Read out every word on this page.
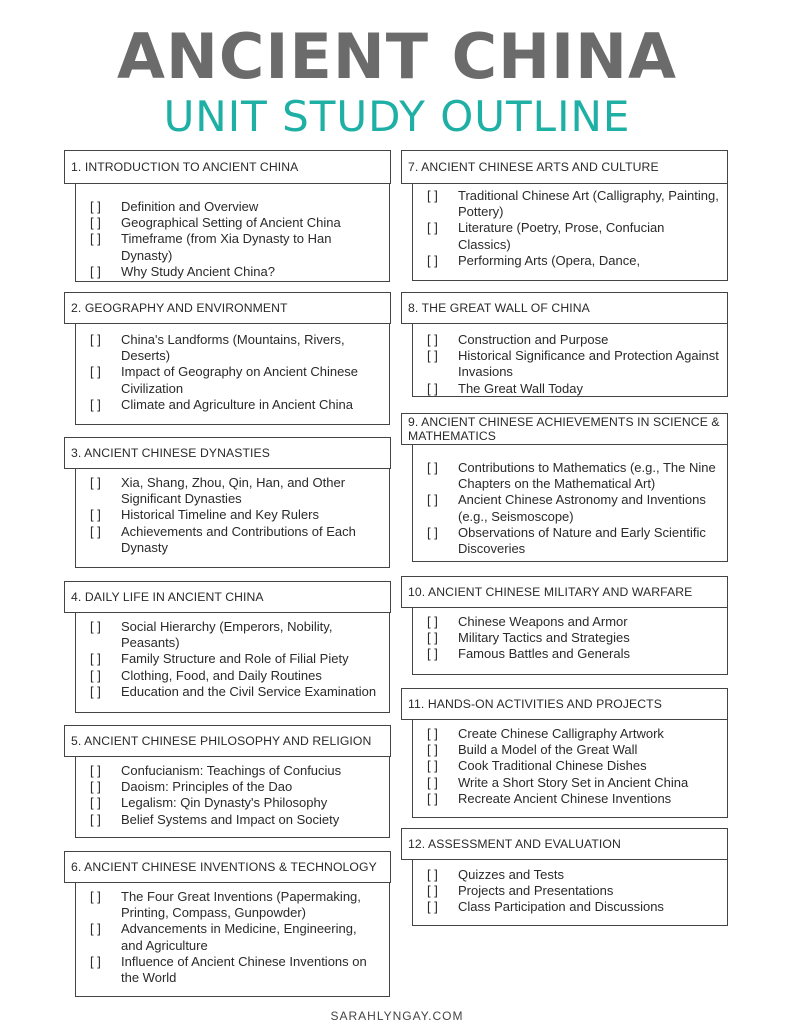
ANCIENT CHINA
UNIT STUDY OUTLINE
[ ]	Definition and Overview
[ ]	Geographical Setting of Ancient China
[ ]	Timeframe (from Xia Dynasty to Han Dynasty)
[ ]	Why Study Ancient China?
1. INTRODUCTION TO ANCIENT CHINA
[ ]	China's Landforms (Mountains, Rivers, Deserts)
[ ]	Impact of Geography on Ancient Chinese Civilization
[ ]	Climate and Agriculture in Ancient China
2. GEOGRAPHY AND ENVIRONMENT
[ ]	Xia, Shang, Zhou, Qin, Han, and Other Significant Dynasties
[ ]	Historical Timeline and Key Rulers
[ ]	Achievements and Contributions of Each Dynasty
3. ANCIENT CHINESE DYNASTIES
[ ]	Social Hierarchy (Emperors, Nobility, Peasants)
[ ]	Family Structure and Role of Filial Piety
[ ]	Clothing, Food, and Daily Routines
[ ]	Education and the Civil Service Examination
4. DAILY LIFE IN ANCIENT CHINA
[ ]	Confucianism: Teachings of Confucius
[ ]	Daoism: Principles of the Dao
[ ]	Legalism: Qin Dynasty's Philosophy
[ ]	Belief Systems and Impact on Society
5. ANCIENT CHINESE PHILOSOPHY AND RELIGION
[ ]	The Four Great Inventions (Papermaking, Printing, Compass, Gunpowder)
[ ]	Advancements in Medicine, Engineering, and Agriculture
[ ]	Influence of Ancient Chinese Inventions on the World
6. ANCIENT CHINESE INVENTIONS & TECHNOLOGY
[ ]	Traditional Chinese Art (Calligraphy, Painting, Pottery)
[ ]	Literature (Poetry, Prose, Confucian Classics)
[ ]	Performing Arts (Opera, Dance,
7. ANCIENT CHINESE ARTS AND CULTURE
[ ]	Construction and Purpose
[ ]	Historical Significance and Protection Against Invasions
[ ]	The Great Wall Today
8. THE GREAT WALL OF CHINA
[ ]	Contributions to Mathematics (e.g., The Nine Chapters on the Mathematical Art)
[ ]	Ancient Chinese Astronomy and Inventions (e.g., Seismoscope)
[ ]	Observations of Nature and Early Scientific Discoveries
9. ANCIENT CHINESE ACHIEVEMENTS IN SCIENCE & MATHEMATICS
[ ]	Chinese Weapons and Armor
[ ]	Military Tactics and Strategies
[ ]	Famous Battles and Generals
10. ANCIENT CHINESE MILITARY AND WARFARE
[ ]	Create Chinese Calligraphy Artwork
[ ]	Build a Model of the Great Wall
[ ]	Cook Traditional Chinese Dishes
[ ]	Write a Short Story Set in Ancient China
[ ]	Recreate Ancient Chinese Inventions
11. HANDS-ON ACTIVITIES AND PROJECTS
[ ]	Quizzes and Tests
[ ]	Projects and Presentations
[ ]	Class Participation and Discussions
12. ASSESSMENT AND EVALUATION
SARAHLYNGAY.COM
